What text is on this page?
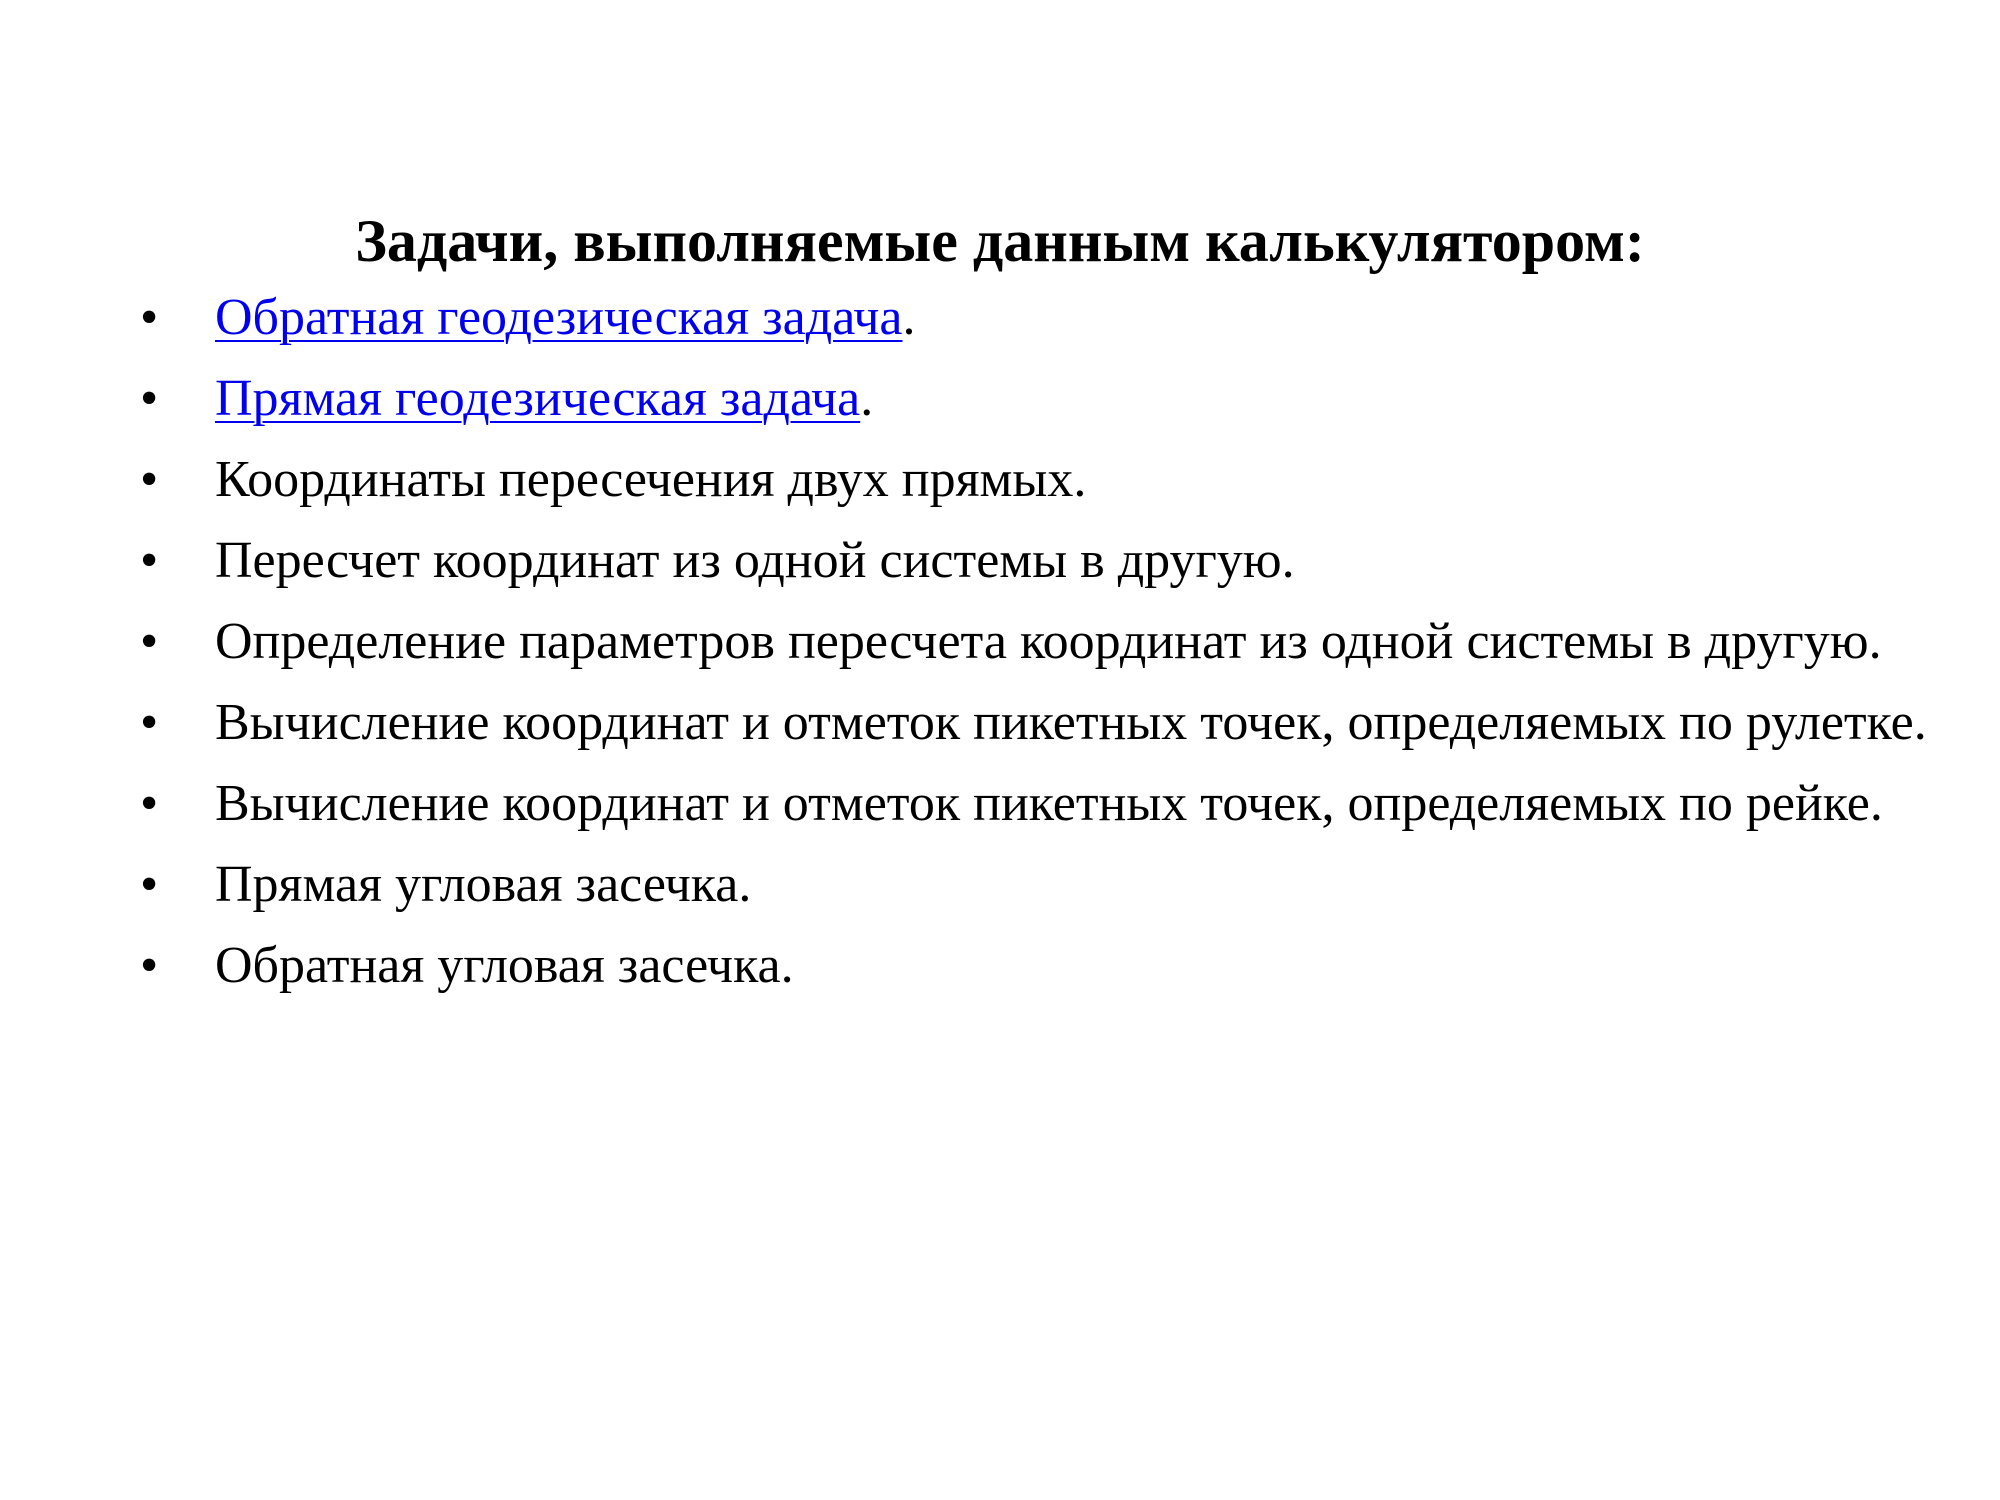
Задачи, выполняемые данным калькулятором:
• Обратная геодезическая задача.
• Прямая геодезическая задача.
• Координаты пересечения двух прямых.
• Пересчет координат из одной системы в другую.
• Определение параметров пересчета координат из одной системы в другую.
• Вычисление координат и отметок пикетных точек, определяемых по рулетке.
• Вычисление координат и отметок пикетных точек, определяемых по рейке.
• Прямая угловая засечка.
• Обратная угловая засечка.
